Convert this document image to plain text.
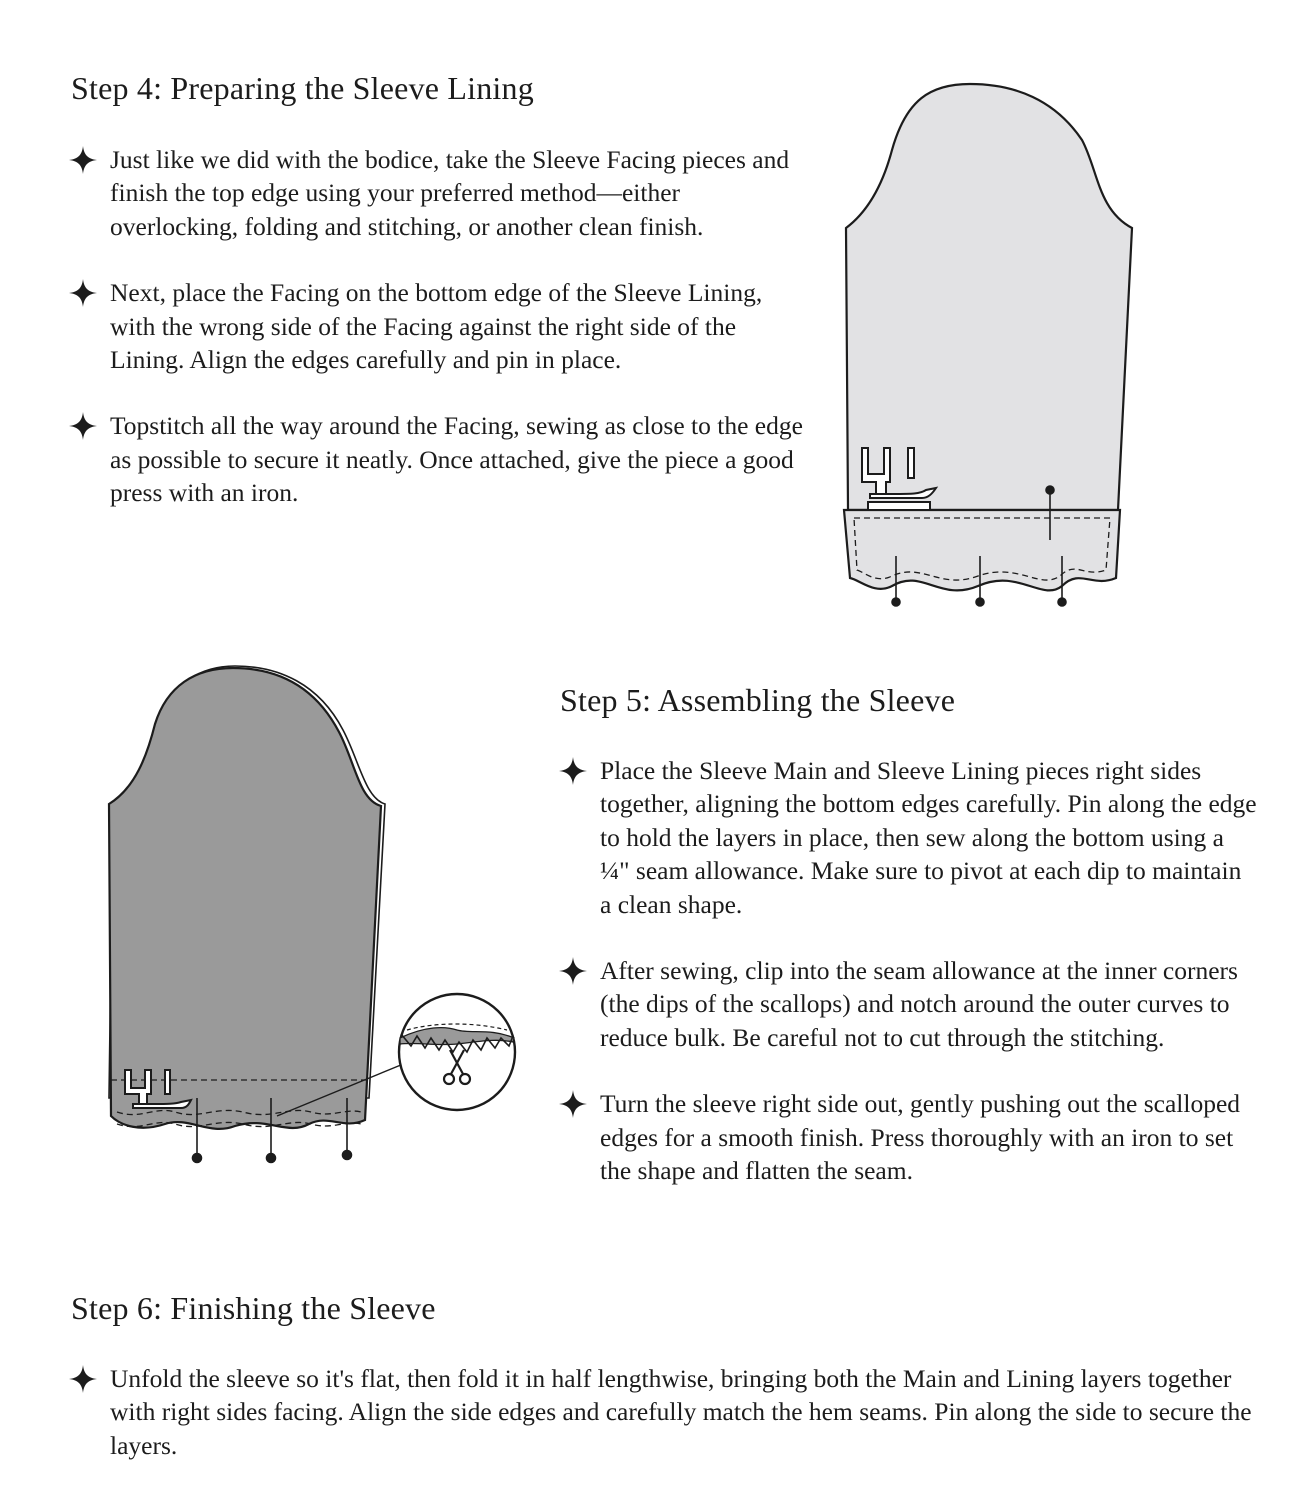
Step 4: Preparing the Sleeve Lining
Just like we did with the bodice, take the Sleeve Facing pieces and finish the top edge using your preferred method—either overlocking, folding and stitching, or another clean finish.
Next, place the Facing on the bottom edge of the Sleeve Lining, with the wrong side of the Facing against the right side of the Lining. Align the edges carefully and pin in place.
Topstitch all the way around the Facing, sewing as close to the edge as possible to secure it neatly. Once attached, give the piece a good press with an iron.
Step 5: Assembling the Sleeve
Place the Sleeve Main and Sleeve Lining pieces right sides together, aligning the bottom edges carefully. Pin along the edge to hold the layers in place, then sew along the bottom using a ¼" seam allowance. Make sure to pivot at each dip to maintain a clean shape.
After sewing, clip into the seam allowance at the inner corners (the dips of the scallops) and notch around the outer curves to reduce bulk. Be careful not to cut through the stitching.
Turn the sleeve right side out, gently pushing out the scalloped edges for a smooth finish. Press thoroughly with an iron to set the shape and flatten the seam.
Step 6: Finishing the Sleeve
Unfold the sleeve so it's flat, then fold it in half lengthwise, bringing both the Main and Lining layers together with right sides facing. Align the side edges and carefully match the hem seams. Pin along the side to secure the layers.
